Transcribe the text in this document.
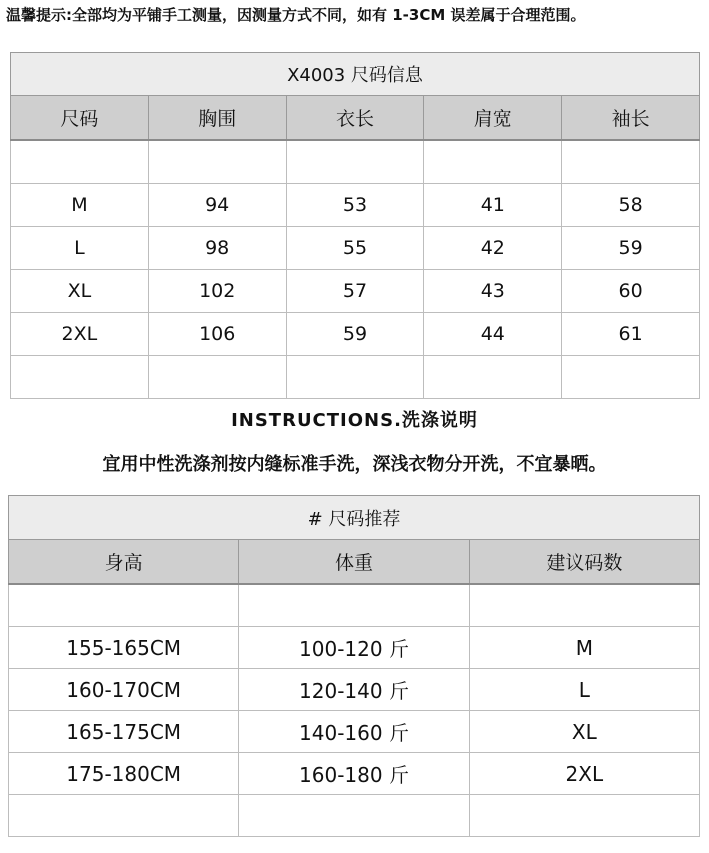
温馨提示:全部均为平铺手工测量，因测量方式不同，如有 1-3CM 误差属于合理范围。
X4003 尺码信息				
尺码	胸围	衣长	肩宽	袖长

M	94	53	41	58
L	98	55	42	59
XL	102	57	43	60
2XL	106	59	44	61

INSTRUCTIONS.洗涤说明
宜用中性洗涤剂按内缝标准手洗，深浅衣物分开洗，不宜暴晒。
# 尺码推荐		
身高	体重	建议码数

155-165CM	100-120 斤	M
160-170CM	120-140 斤	L
165-175CM	140-160 斤	XL
175-180CM	160-180 斤	2XL
